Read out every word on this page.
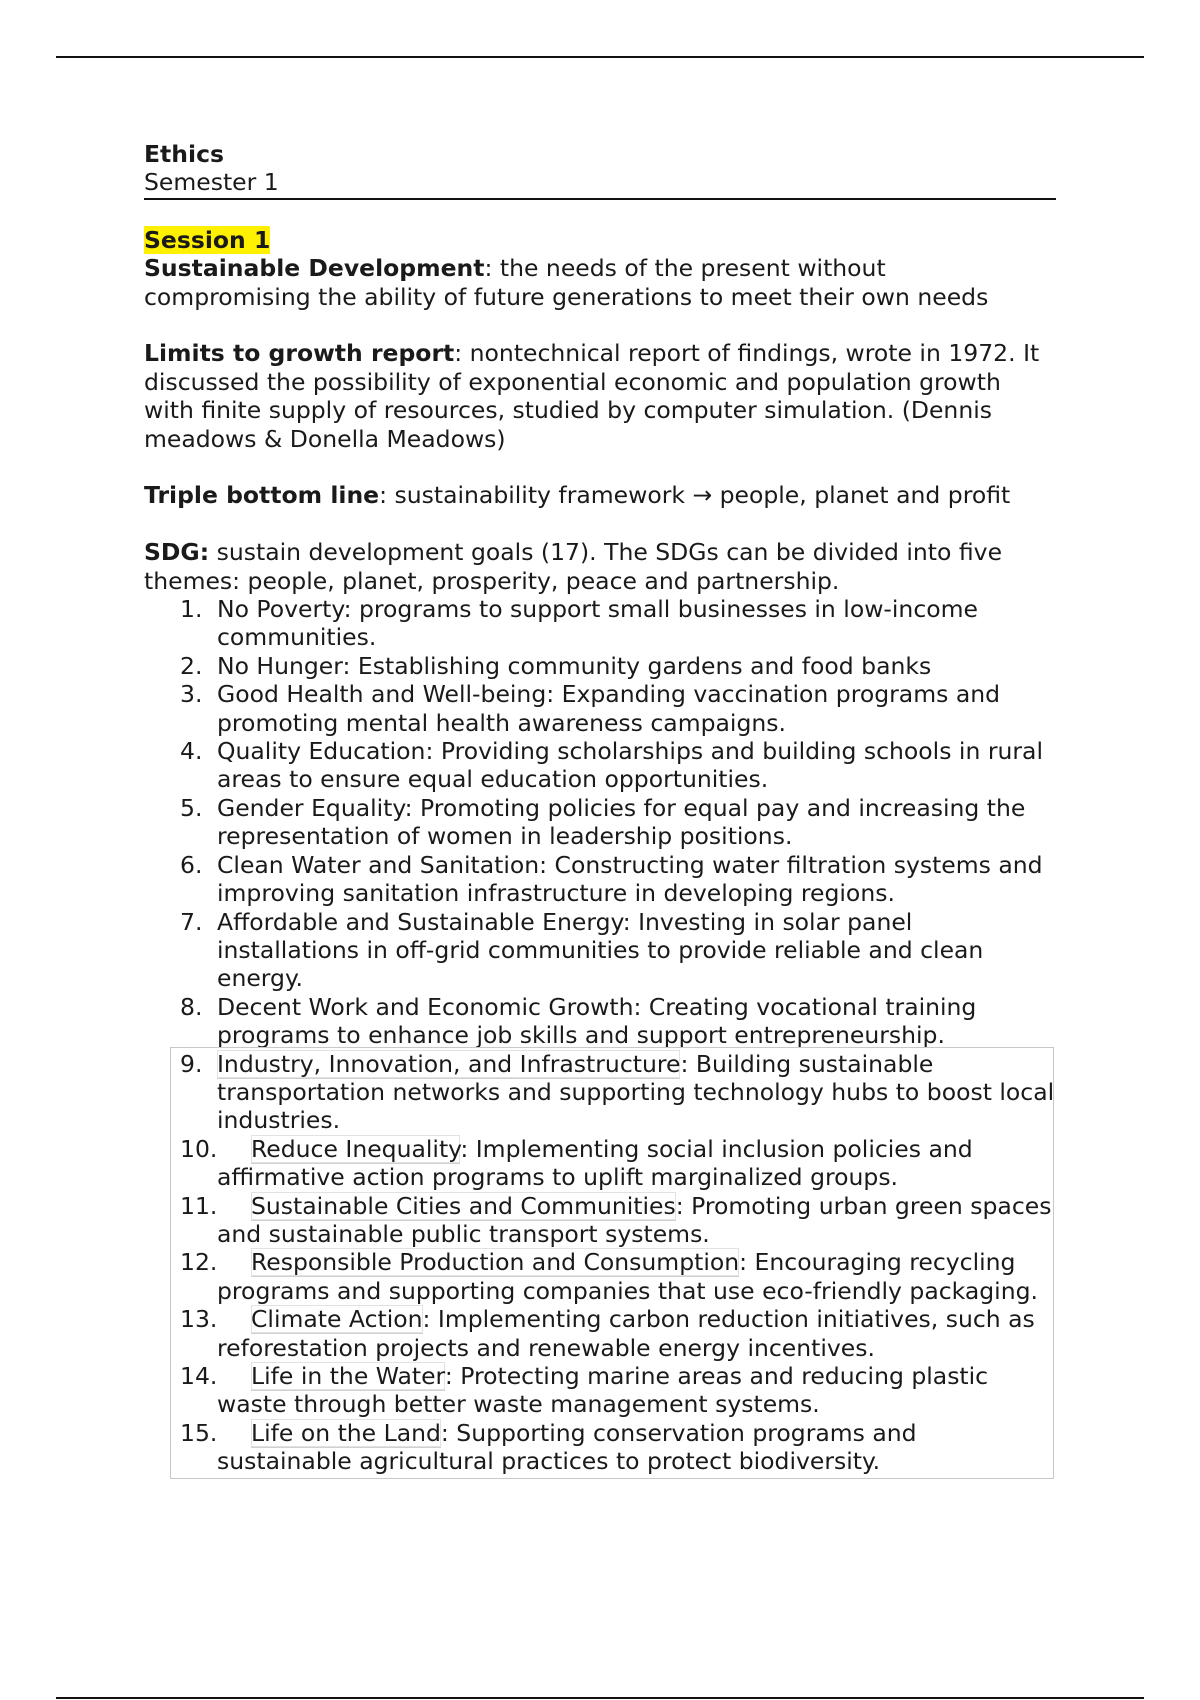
Ethics
Semester 1
Session 1

Sustainable Development: the needs of the present without compromising the ability of future generations to meet their own needs

Limits to growth report: nontechnical report of findings, wrote in 1972. It discussed the possibility of exponential economic and population growth with finite supply of resources, studied by computer simulation. (Dennis meadows & Donella Meadows)

Triple bottom line: sustainability framework → people, planet and profit

SDG: sustain development goals (17). The SDGs can be divided into five themes: people, planet, prosperity, peace and partnership.

1. No Poverty: programs to support small businesses in low-income communities.
2. No Hunger: Establishing community gardens and food banks
3. Good Health and Well-being: Expanding vaccination programs and promoting mental health awareness campaigns.
4. Quality Education: Providing scholarships and building schools in rural areas to ensure equal education opportunities.
5. Gender Equality: Promoting policies for equal pay and increasing the representation of women in leadership positions.
6. Clean Water and Sanitation: Constructing water filtration systems and improving sanitation infrastructure in developing regions.
7. Affordable and Sustainable Energy: Investing in solar panel installations in off-grid communities to provide reliable and clean energy.
8. Decent Work and Economic Growth: Creating vocational training programs to enhance job skills and support entrepreneurship.
9. Industry, Innovation, and Infrastructure: Building sustainable transportation networks and supporting technology hubs to boost local industries.
10. Reduce Inequality: Implementing social inclusion policies and affirmative action programs to uplift marginalized groups.
11. Sustainable Cities and Communities: Promoting urban green spaces and sustainable public transport systems.
12. Responsible Production and Consumption: Encouraging recycling programs and supporting companies that use eco-friendly packaging.
13. Climate Action: Implementing carbon reduction initiatives, such as reforestation projects and renewable energy incentives.
14. Life in the Water: Protecting marine areas and reducing plastic waste through better waste management systems.
15. Life on the Land: Supporting conservation programs and sustainable agricultural practices to protect biodiversity.
